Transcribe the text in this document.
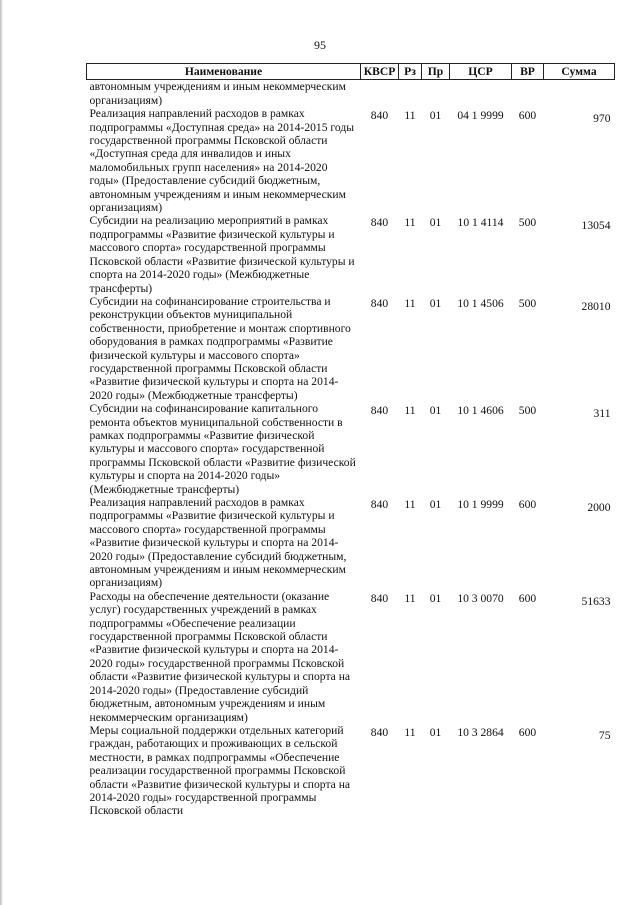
95
Наименование	КВСР	Рз	Пр	ЦСР	ВР	Сумма
автономным учреждениям и иным некоммерческим организациям)						
Реализация направлений расходов в рамках подпрограммы «Доступная среда» на 2014-2015 годы государственной программы Псковской области «Доступная среда для инвалидов и иных маломобильных групп населения» на 2014-2020 годы» (Предоставление субсидий бюджетным, автономным учреждениям и иным некоммерческим организациям)	840	11	01	04 1 9999	600	970
Субсидии на реализацию мероприятий в рамках подпрограммы «Развитие физической культуры и массового спорта» государственной программы Псковской области «Развитие физической культуры и спорта на 2014-2020 годы» (Межбюджетные трансферты)	840	11	01	10 1 4114	500	13054
Субсидии на софинансирование строительства и реконструкции объектов муниципальной собственности, приобретение и монтаж спортивного оборудования в рамках подпрограммы «Развитие физической культуры и массового спорта» государственной программы Псковской области «Развитие физической культуры и спорта на 2014-2020 годы» (Межбюджетные трансферты)	840	11	01	10 1 4506	500	28010
Субсидии на софинансирование капитального ремонта объектов муниципальной собственности в рамках подпрограммы «Развитие физической культуры и массового спорта» государственной программы Псковской области «Развитие физической культуры и спорта на 2014-2020 годы» (Межбюджетные трансферты)	840	11	01	10 1 4606	500	311
Реализация направлений расходов в рамках подпрограммы «Развитие физической культуры и массового спорта» государственной программы «Развитие физической культуры и спорта на 2014-2020 годы» (Предоставление субсидий бюджетным, автономным учреждениям и иным некоммерческим организациям)	840	11	01	10 1 9999	600	2000
Расходы на обеспечение деятельности (оказание услуг) государственных учреждений в рамках подпрограммы «Обеспечение реализации государственной программы Псковской области «Развитие физической культуры и спорта на 2014-2020 годы» государственной программы Псковской области «Развитие физической культуры и спорта на 2014-2020 годы» (Предоставление субсидий бюджетным, автономным учреждениям и иным некоммерческим организациям)	840	11	01	10 3 0070	600	51633
Меры социальной поддержки отдельных категорий граждан, работающих и проживающих в сельской местности, в рамках подпрограммы «Обеспечение реализации государственной программы Псковской области «Развитие физической культуры и спорта на 2014-2020 годы» государственной программы Псковской области	840	11	01	10 3 2864	600	75
